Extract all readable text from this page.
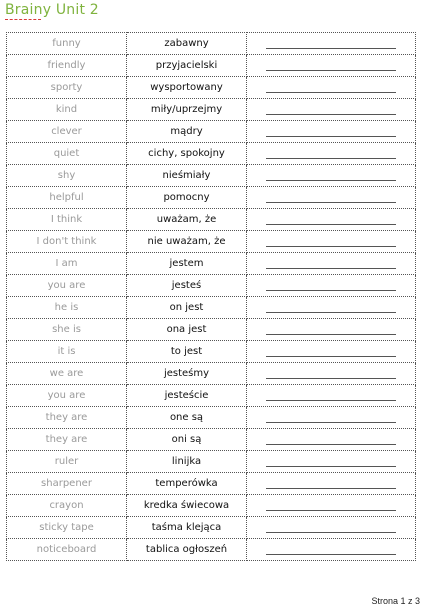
Brainy Unit 2
funny	zabawny	

friendly	przyjacielski	

sporty	wysportowany	

kind	miły/uprzejmy	

clever	mądry	

quiet	cichy, spokojny	

shy	nieśmiały	

helpful	pomocny	

I think	uważam, że	

I don't think	nie uważam, że	

I am	jestem	

you are	jesteś	

he is	on jest	

she is	ona jest	

it is	to jest	

we are	jesteśmy	

you are	jesteście	

they are	one są	

they are	oni są	

ruler	linijka	

sharpener	temperówka	

crayon	kredka świecowa	

sticky tape	taśma klejąca	

noticeboard	tablica ogłoszeń	
Strona 1 z 3
